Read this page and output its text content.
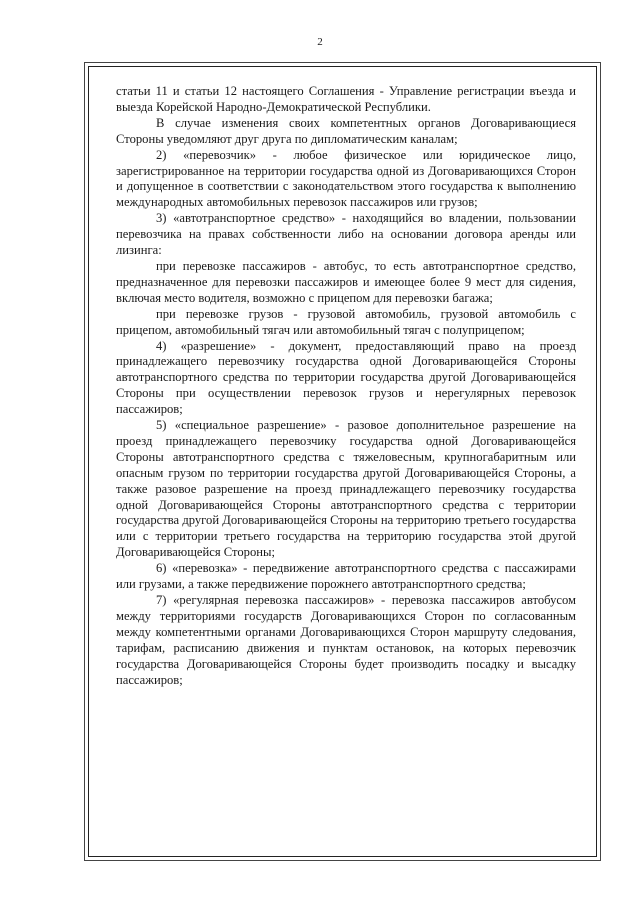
2

статьи 11 и статьи 12 настоящего Соглашения - Управление регистрации въезда и выезда Корейской Народно-Демократической Республики.

В случае изменения своих компетентных органов Договаривающиеся Стороны уведомляют друг друга по дипломатическим каналам;

2) «перевозчик» - любое физическое или юридическое лицо, зарегистрированное на территории государства одной из Договаривающихся Сторон и допущенное в соответствии с законодательством этого государства к выполнению международных автомобильных перевозок пассажиров или грузов;

3) «автотранспортное средство» - находящийся во владении, пользовании перевозчика на правах собственности либо на основании договора аренды или лизинга:

при перевозке пассажиров - автобус, то есть автотранспортное средство, предназначенное для перевозки пассажиров и имеющее более 9 мест для сидения, включая место водителя, возможно с прицепом для перевозки багажа;

при перевозке грузов - грузовой автомобиль, грузовой автомобиль с прицепом, автомобильный тягач или автомобильный тягач с полуприцепом;

4) «разрешение» - документ, предоставляющий право на проезд принадлежащего перевозчику государства одной Договаривающейся Стороны автотранспортного средства по территории государства другой Договаривающейся Стороны при осуществлении перевозок грузов и нерегулярных перевозок пассажиров;

5) «специальное разрешение» - разовое дополнительное разрешение на проезд принадлежащего перевозчику государства одной Договаривающейся Стороны автотранспортного средства с тяжеловесным, крупногабаритным или опасным грузом по территории государства другой Договаривающейся Стороны, а также разовое разрешение на проезд принадлежащего перевозчику государства одной Договаривающейся Стороны автотранспортного средства с территории государства другой Договаривающейся Стороны на территорию третьего государства или с территории третьего государства на территорию государства этой другой Договаривающейся Стороны;

6) «перевозка» - передвижение автотранспортного средства с пассажирами или грузами, а также передвижение порожнего автотранспортного средства;

7) «регулярная перевозка пассажиров» - перевозка пассажиров автобусом между территориями государств Договаривающихся Сторон по согласованным между компетентными органами Договаривающихся Сторон маршруту следования, тарифам, расписанию движения и пунктам остановок, на которых перевозчик государства Договаривающейся Стороны будет производить посадку и высадку пассажиров;
